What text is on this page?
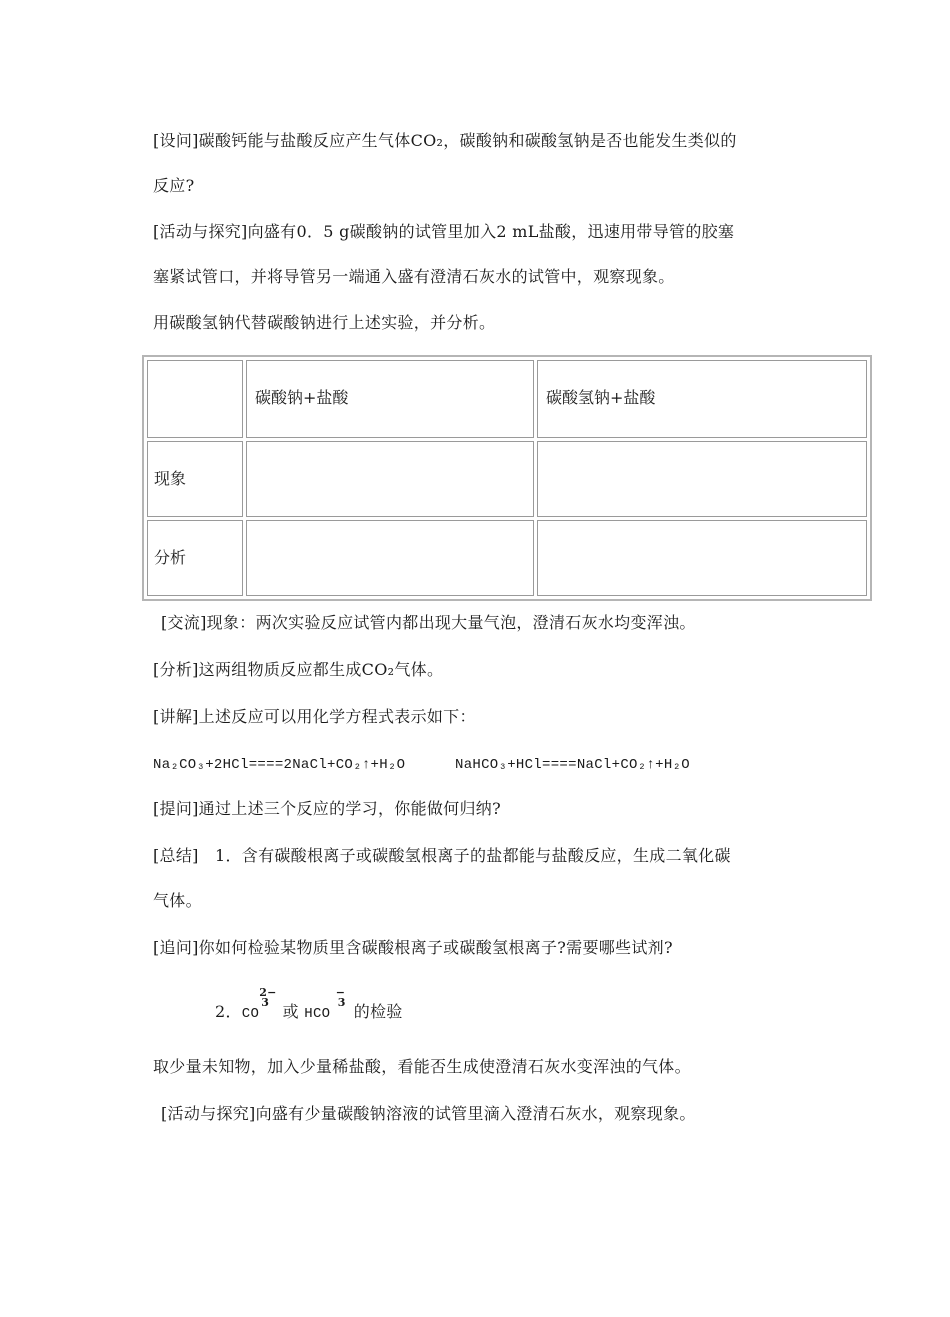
[设问]碳酸钙能与盐酸反应产生气体CO₂，碳酸钠和碳酸氢钠是否也能发生类似的
反应?
[活动与探究]向盛有0．5 g碳酸钠的试管里加入2 mL盐酸，迅速用带导管的胶塞
塞紧试管口，并将导管另一端通入盛有澄清石灰水的试管中，观察现象。
用碳酸氢钠代替碳酸钠进行上述实验，并分析。
	碳酸钠+盐酸	碳酸氢钠+盐酸
现象		
分析		
[交流]现象：两次实验反应试管内都出现大量气泡，澄清石灰水均变浑浊。
[分析]这两组物质反应都生成CO₂气体。
[讲解]上述反应可以用化学方程式表示如下：
Na₂CO₃+2HCl====2NaCl+CO₂↑+H₂O	NaHCO₃+HCl====NaCl+CO₂↑+H₂O
[提问]通过上述三个反应的学习，你能做何归纳?
[总结]　1．含有碳酸根离子或碳酸氢根离子的盐都能与盐酸反应，生成二氧化碳
气体。
[追问]你如何检验某物质里含碳酸根离子或碳酸氢根离子?需要哪些试剂?
2．CO
2−
3 或 HCO
−
3 的检验
取少量未知物，加入少量稀盐酸，看能否生成使澄清石灰水变浑浊的气体。
[活动与探究]向盛有少量碳酸钠溶液的试管里滴入澄清石灰水，观察现象。
